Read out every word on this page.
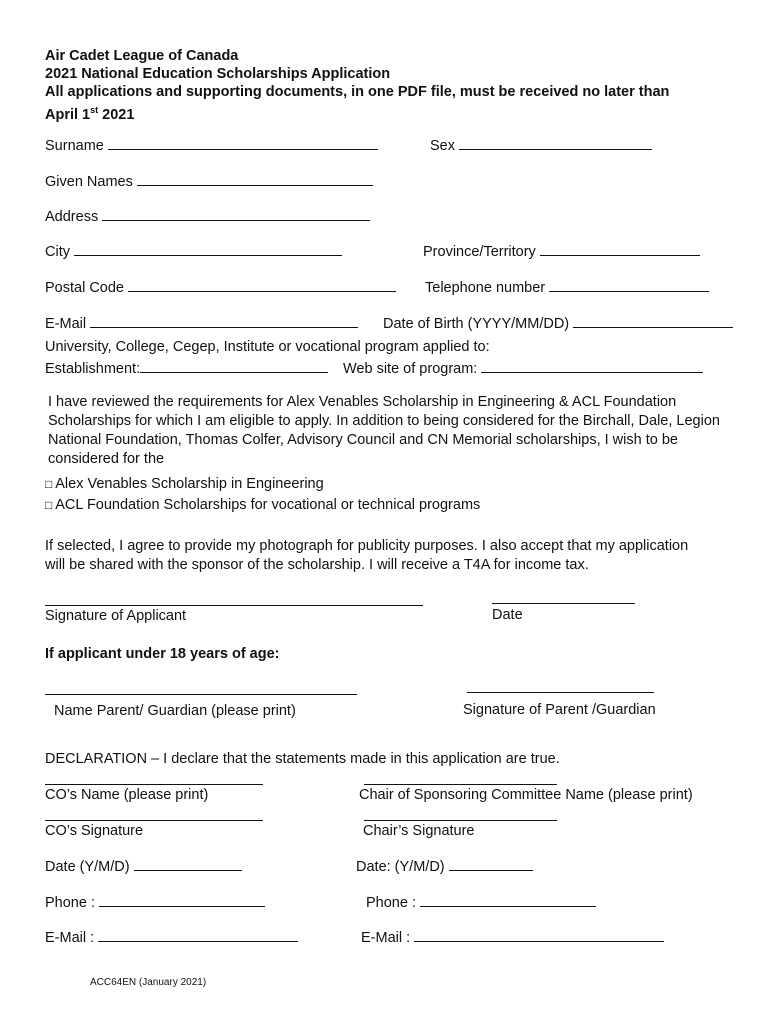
Air Cadet League of Canada
2021 National Education Scholarships Application
All applications and supporting documents, in one PDF file, must be received no later than
April 1st 2021
Surname	Sex
Given Names
Address
City	Province/Territory
Postal Code	Telephone number
E-Mail	Date of Birth (YYYY/MM/DD)
University, College, Cegep, Institute or vocational program applied to:
Establishment:	Web site of program:
I have reviewed the requirements for Alex Venables Scholarship in Engineering & ACL Foundation Scholarships for which I am eligible to apply. In addition to being considered for the Birchall, Dale, Legion National Foundation, Thomas Colfer, Advisory Council and CN Memorial scholarships, I wish to be considered for the
□ Alex Venables Scholarship in Engineering
□ ACL Foundation Scholarships for vocational or technical programs
If selected, I agree to provide my photograph for publicity purposes. I also accept that my application will be shared with the sponsor of the scholarship. I will receive a T4A for income tax.
Signature of Applicant	Date
If applicant under 18 years of age:
Name Parent/ Guardian (please print)	Signature of Parent /Guardian
DECLARATION – I declare that the statements made in this application are true.
CO’s Name (please print)	Chair of Sponsoring Committee Name (please print)
CO’s Signature	Chair’s Signature
Date (Y/M/D)	Date: (Y/M/D)
Phone :	Phone :
E-Mail :	E-Mail :
ACC64EN (January 2021)
